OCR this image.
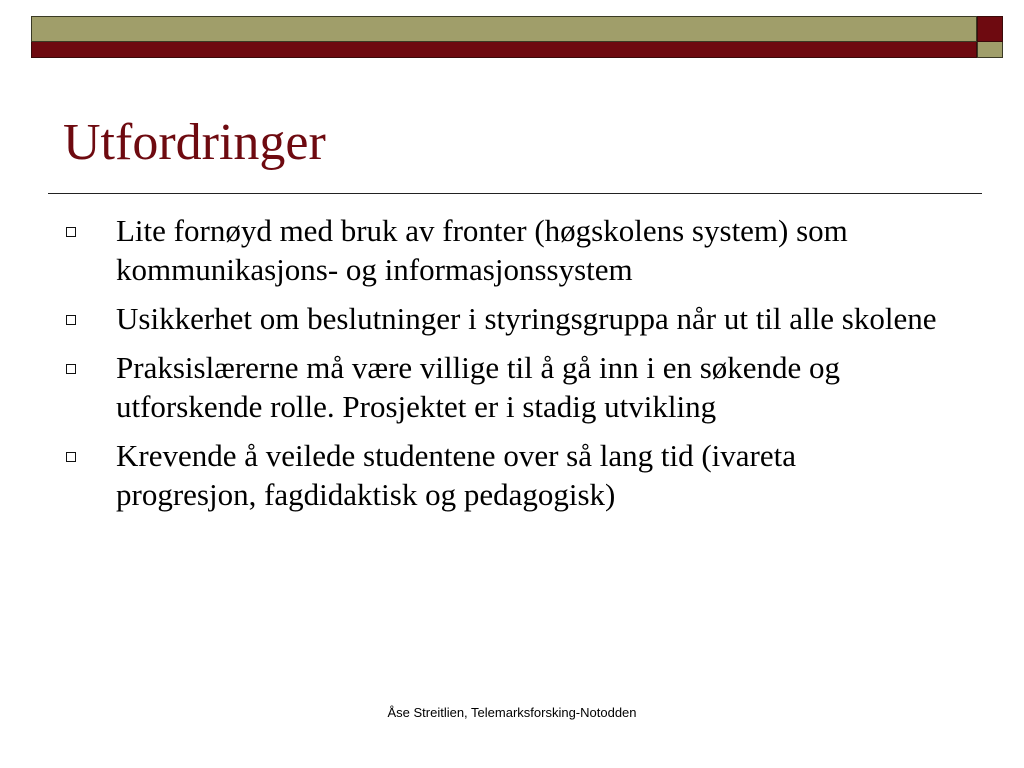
Utfordringer
Lite fornøyd med bruk av fronter (høgskolens system) som kommunikasjons- og informasjonssystem
Usikkerhet om beslutninger i styringsgruppa når ut til alle skolene
Praksislærerne må være villige til å gå inn i en søkende og utforskende rolle. Prosjektet er i stadig utvikling
Krevende å veilede studentene over så lang tid (ivareta progresjon, fagdidaktisk og pedagogisk)
Åse Streitlien, Telemarksforsking-Notodden
